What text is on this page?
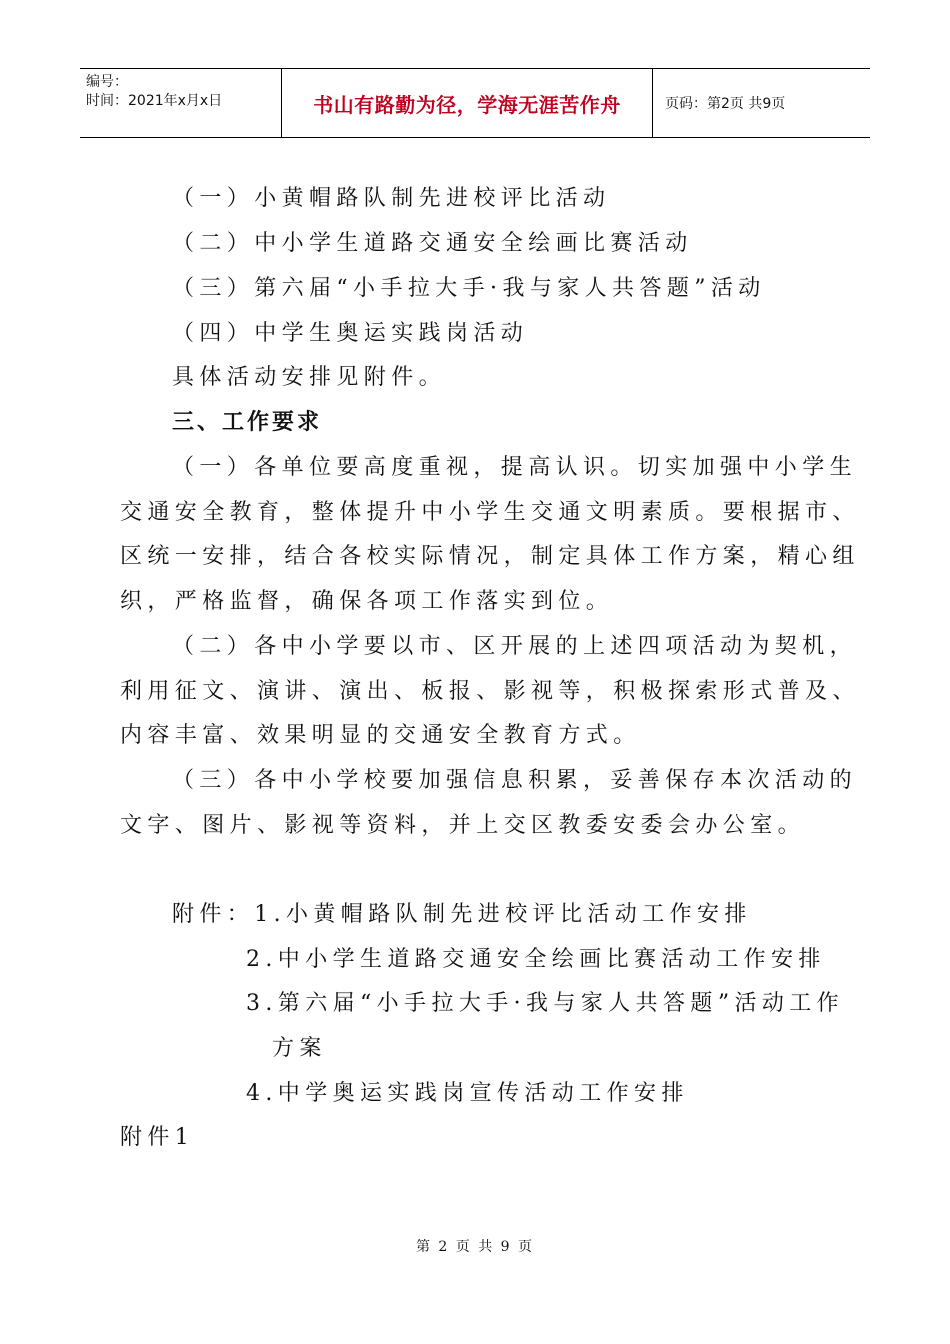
编号：
时间：2021年x月x日	书山有路勤为径，学海无涯苦作舟	页码：第2页 共9页
（一）小黄帽路队制先进校评比活动
（二）中小学生道路交通安全绘画比赛活动
（三）第六届“小手拉大手·我与家人共答题”活动
（四）中学生奥运实践岗活动
具体活动安排见附件。
三、工作要求
（一）各单位要高度重视，提高认识。切实加强中小学生
交通安全教育，整体提升中小学生交通文明素质。要根据市、
区统一安排，结合各校实际情况，制定具体工作方案，精心组
织，严格监督，确保各项工作落实到位。
（二）各中小学要以市、区开展的上述四项活动为契机，
利用征文、演讲、演出、板报、影视等，积极探索形式普及、
内容丰富、效果明显的交通安全教育方式。
（三）各中小学校要加强信息积累，妥善保存本次活动的
文字、图片、影视等资料，并上交区教委安委会办公室。
附件：1.小黄帽路队制先进校评比活动工作安排
2.中小学生道路交通安全绘画比赛活动工作安排
3.第六届“小手拉大手·我与家人共答题”活动工作
方案
4.中学奥运实践岗宣传活动工作安排
附件1
第 2 页 共 9 页
